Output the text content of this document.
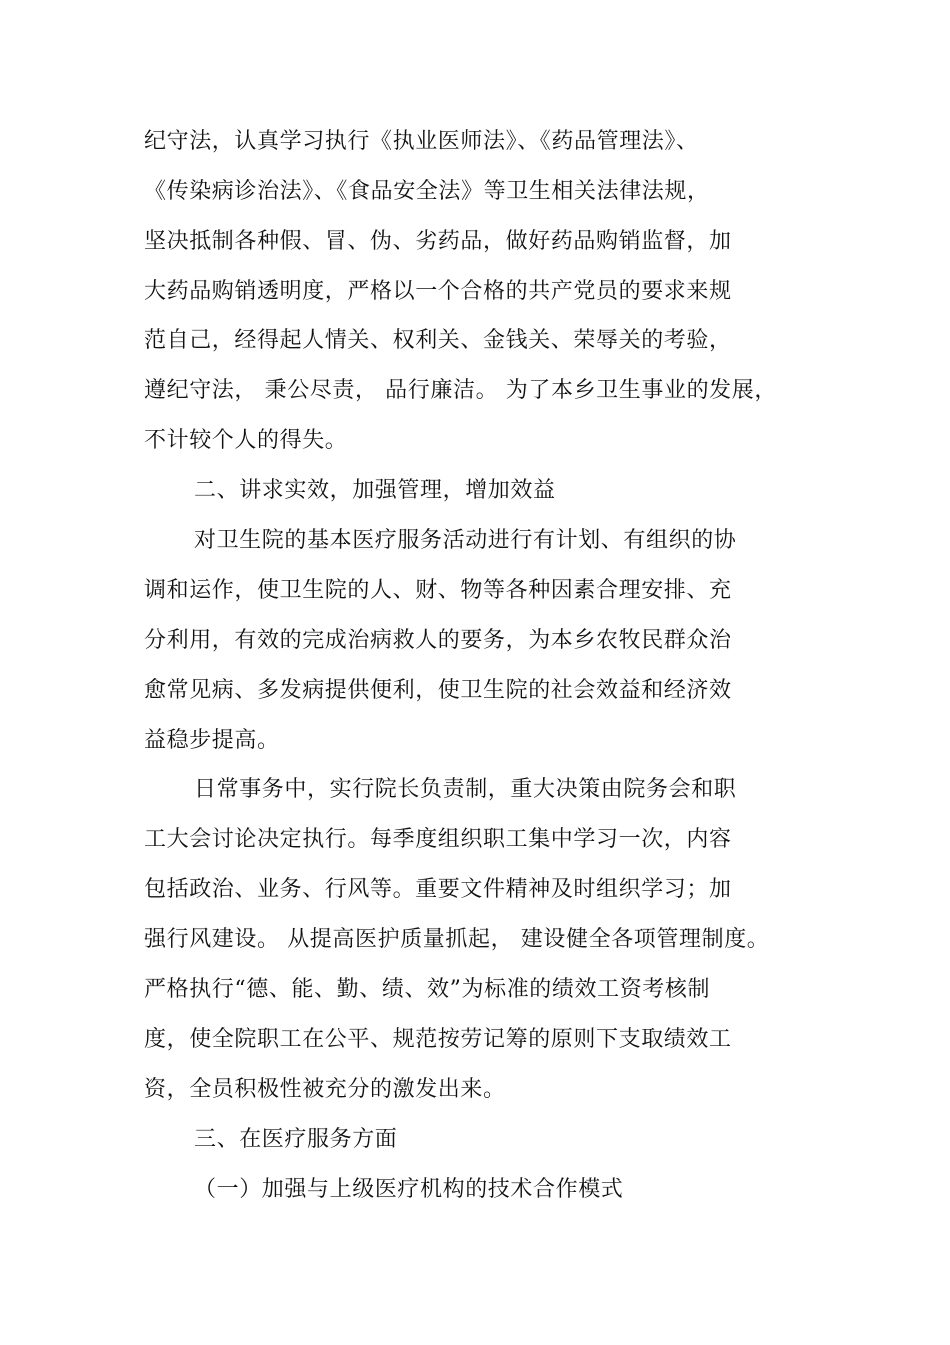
纪守法，认真学习执行《执业医师法》、《药品管理法》、
《传染病诊治法》、《食品安全法》等卫生相关法律法规，
坚决抵制各种假、冒、伪、劣药品，做好药品购销监督，加
大药品购销透明度，严格以一个合格的共产党员的要求来规
范自己，经得起人情关、权利关、金钱关、荣辱关的考验，
遵纪守法， 秉公尽责， 品行廉洁。 为了本乡卫生事业的发展，
不计较个人的得失。
二、讲求实效，加强管理，增加效益
对卫生院的基本医疗服务活动进行有计划、有组织的协
调和运作，使卫生院的人、财、物等各种因素合理安排、充
分利用，有效的完成治病救人的要务，为本乡农牧民群众治
愈常见病、多发病提供便利，使卫生院的社会效益和经济效
益稳步提高。
日常事务中，实行院长负责制，重大决策由院务会和职
工大会讨论决定执行。每季度组织职工集中学习一次，内容
包括政治、业务、行风等。重要文件精神及时组织学习；加
强行风建设。 从提高医护质量抓起， 建设健全各项管理制度。
严格执行“德、能、勤、绩、效”为标准的绩效工资考核制
度，使全院职工在公平、规范按劳记筹的原则下支取绩效工
资，全员积极性被充分的激发出来。
三、在医疗服务方面
（一）加强与上级医疗机构的技术合作模式
